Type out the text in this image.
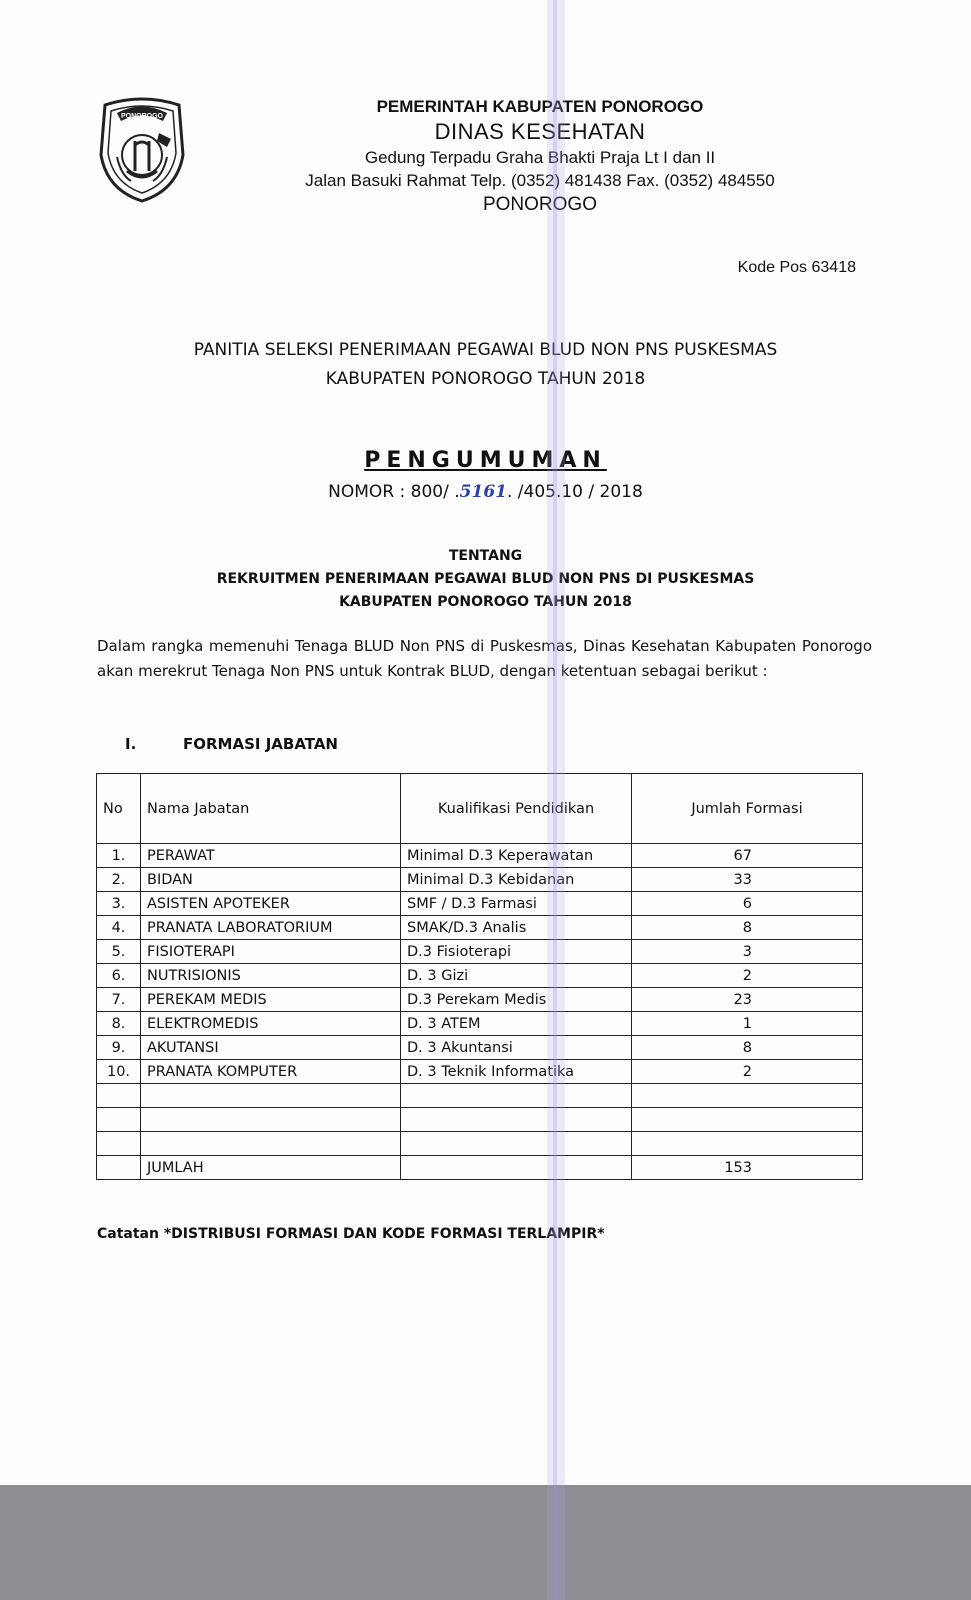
PONOROGO
PEMERINTAH KABUPATEN PONOROGO
DINAS KESEHATAN
Gedung Terpadu Graha Bhakti Praja Lt I dan II
Jalan Basuki Rahmat Telp. (0352) 481438 Fax. (0352) 484550
PONOROGO
Kode Pos 63418
PANITIA SELEKSI PENERIMAAN PEGAWAI BLUD NON PNS PUSKESMAS
KABUPATEN PONOROGO TAHUN 2018
PENGUMUMAN
NOMOR : 800/ .5161. /405.10 / 2018
TENTANG
REKRUITMEN PENERIMAAN PEGAWAI BLUD NON PNS DI PUSKESMAS
KABUPATEN PONOROGO TAHUN 2018
Dalam rangka memenuhi Tenaga BLUD Non PNS di Puskesmas, Dinas Kesehatan Kabupaten Ponorogo akan merekrut Tenaga Non PNS untuk Kontrak BLUD, dengan ketentuan sebagai berikut :
I.	FORMASI JABATAN
No	Nama Jabatan	Kualifikasi Pendidikan	Jumlah Formasi
1.	PERAWAT	Minimal D.3 Keperawatan	67
2.	BIDAN	Minimal D.3 Kebidanan	33
3.	ASISTEN APOTEKER	SMF / D.3 Farmasi	6
4.	PRANATA LABORATORIUM	SMAK/D.3 Analis	8
5.	FISIOTERAPI	D.3 Fisioterapi	3
6.	NUTRISIONIS	D. 3 Gizi	2
7.	PEREKAM MEDIS	D.3 Perekam Medis	23
8.	ELEKTROMEDIS	D. 3 ATEM	1
9.	AKUTANSI	D. 3 Akuntansi	8
10.	PRANATA KOMPUTER	D. 3 Teknik Informatika	2

	JUMLAH		153
Catatan *DISTRIBUSI FORMASI DAN KODE FORMASI TERLAMPIR*
